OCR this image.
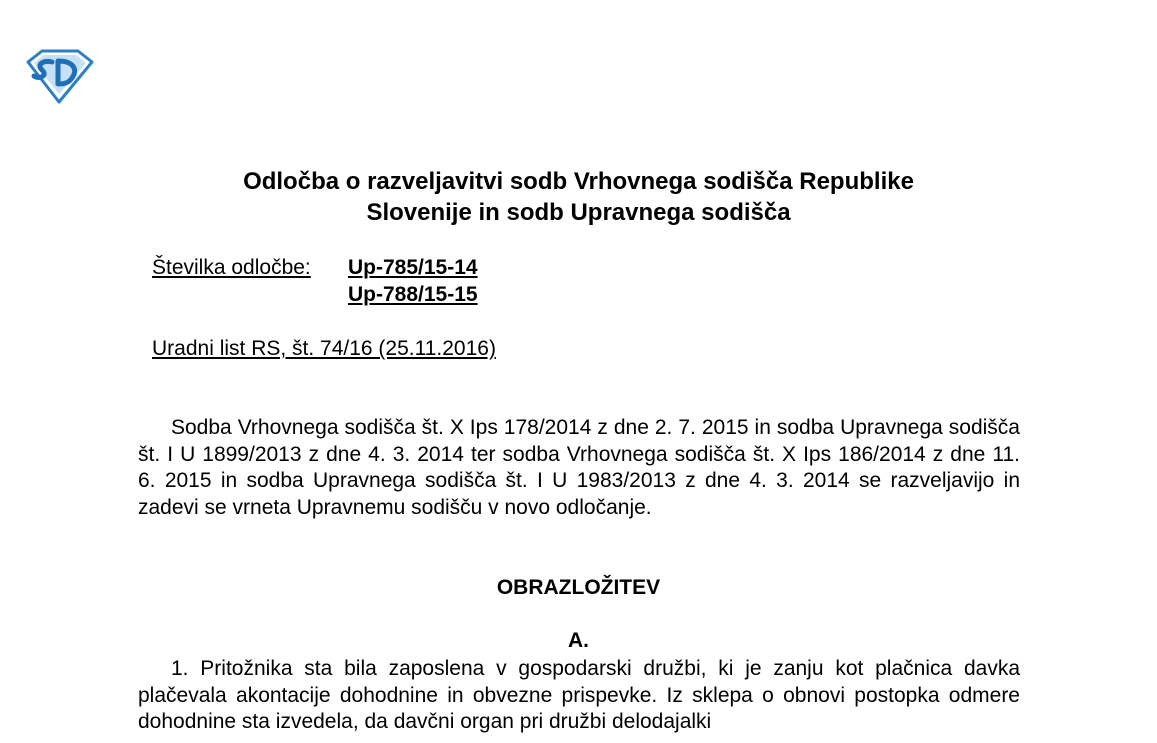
Odločba o razveljavitvi sodb Vrhovnega sodišča Republike
Slovenije in sodb Upravnega sodišča
Številka odločbe: Up-785/15-14
Up-788/15-15
Uradni list RS, št. 74/16 (25.11.2016)
Sodba Vrhovnega sodišča št. X Ips 178/2014 z dne 2. 7. 2015 in sodba Upravnega sodišča št. I U 1899/2013 z dne 4. 3. 2014 ter sodba Vrhovnega sodišča št. X Ips 186/2014 z dne 11. 6. 2015 in sodba Upravnega sodišča št. I U 1983/2013 z dne 4. 3. 2014 se razveljavijo in zadevi se vrneta Upravnemu sodišču v novo odločanje.
OBRAZLOŽITEV
A.
1. Pritožnika sta bila zaposlena v gospodarski družbi, ki je zanju kot plačnica davka plačevala akontacije dohodnine in obvezne prispevke. Iz sklepa o obnovi postopka odmere dohodnine sta izvedela, da davčni organ pri družbi delodajalki
